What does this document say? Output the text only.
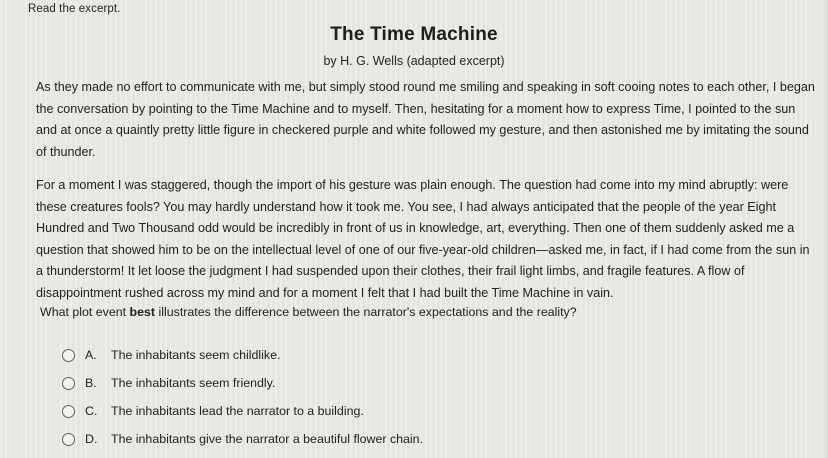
Read the excerpt.
The Time Machine
by H. G. Wells (adapted excerpt)

As they made no effort to communicate with me, but simply stood round me smiling and speaking in soft cooing notes to each other, I began the conversation by pointing to the Time Machine and to myself. Then, hesitating for a moment how to express Time, I pointed to the sun and at once a quaintly pretty little figure in checkered purple and white followed my gesture, and then astonished me by imitating the sound of thunder.

For a moment I was staggered, though the import of his gesture was plain enough. The question had come into my mind abruptly: were these creatures fools? You may hardly understand how it took me. You see, I had always anticipated that the people of the year Eight Hundred and Two Thousand odd would be incredibly in front of us in knowledge, art, everything. Then one of them suddenly asked me a question that showed him to be on the intellectual level of one of our five-year-old children—asked me, in fact, if I had come from the sun in a thunderstorm! It let loose the judgment I had suspended upon their clothes, their frail light limbs, and fragile features. A flow of disappointment rushed across my mind and for a moment I felt that I had built the Time Machine in vain.

What plot event best illustrates the difference between the narrator's expectations and the reality?
A.	The inhabitants seem childlike.
B.	The inhabitants seem friendly.
C.	The inhabitants lead the narrator to a building.
D.	The inhabitants give the narrator a beautiful flower chain.
